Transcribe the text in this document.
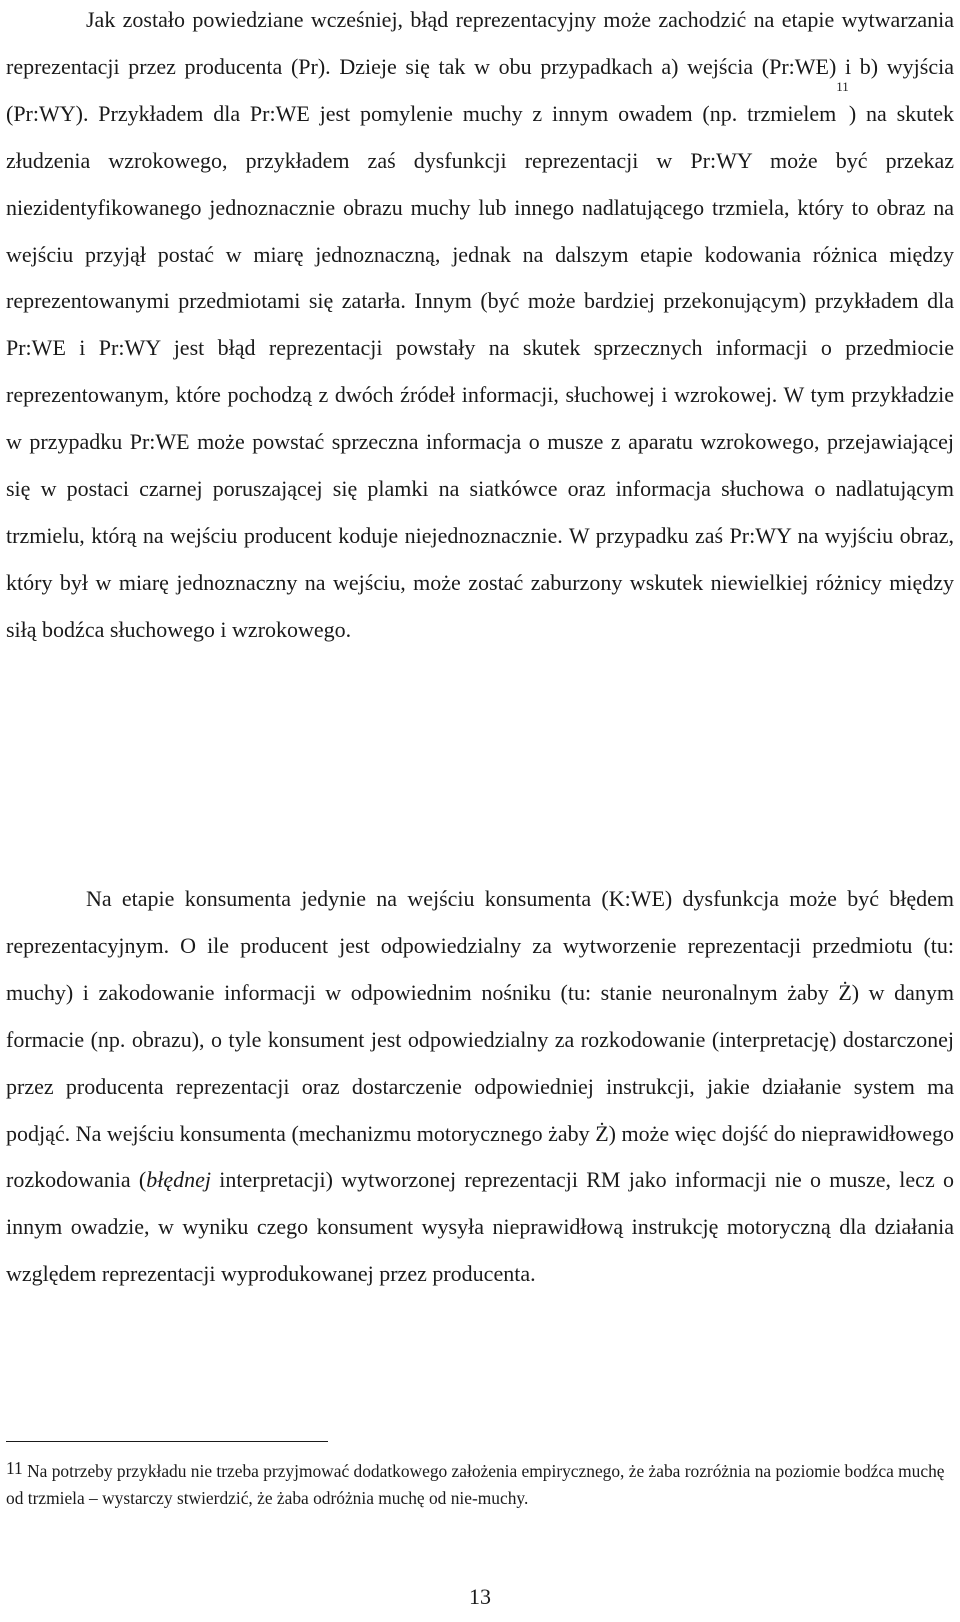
Jak zostało powiedziane wcześniej, błąd reprezentacyjny może zachodzić na etapie wytwarzania reprezentacji przez producenta (Pr). Dzieje się tak w obu przypadkach a) wejścia (Pr:WE) i b) wyjścia (Pr:WY). Przykładem dla Pr:WE jest pomylenie muchy z innym owadem (np. trzmielem$^{11}$) na skutek złudzenia wzrokowego, przykładem zaś dysfunkcji reprezentacji w Pr:WY może być przekaz niezidentyfikowanego jednoznacznie obrazu muchy lub innego nadlatującego trzmiela, który to obraz na wejściu przyjął postać w miarę jednoznaczną, jednak na dalszym etapie kodowania różnica między reprezentowanymi przedmiotami się zatarła. Innym (być może bardziej przekonującym) przykładem dla Pr:WE i Pr:WY jest błąd reprezentacji powstały na skutek sprzecznych informacji o przedmiocie reprezentowanym, które pochodzą z dwóch źródeł informacji, słuchowej i wzrokowej. W tym przykładzie w przypadku Pr:WE może powstać sprzeczna informacja o musze z aparatu wzrokowego, przejawiającej się w postaci czarnej poruszającej się plamki na siatkówce oraz informacja słuchowa o nadlatującym trzmielu, którą na wejściu producent koduje niejednoznacznie. W przypadku zaś Pr:WY na wyjściu obraz, który był w miarę jednoznaczny na wejściu, może zostać zaburzony wskutek niewielkiej różnicy między siłą bodźca słuchowego i wzrokowego.

Na etapie konsumenta jedynie na wejściu konsumenta (K:WE) dysfunkcja może być błędem reprezentacyjnym. O ile producent jest odpowiedzialny za wytworzenie reprezentacji przedmiotu (tu: muchy) i zakodowanie informacji w odpowiednim nośniku (tu: stanie neuronalnym żaby Ż) w danym formacie (np. obrazu), o tyle konsument jest odpowiedzialny za rozkodowanie (interpretację) dostarczonej przez producenta reprezentacji oraz dostarczenie odpowiedniej instrukcji, jakie działanie system ma podjąć. Na wejściu konsumenta (mechanizmu motorycznego żaby Ż) może więc dojść do nieprawidłowego rozkodowania (błędnej interpretacji) wytworzonej reprezentacji RM jako informacji nie o musze, lecz o innym owadzie, w wyniku czego konsument wysyła nieprawidłową instrukcję motoryczną dla działania względem reprezentacji wyprodukowanej przez producenta.

11 Na potrzeby przykładu nie trzeba przyjmować dodatkowego założenia empirycznego, że żaba rozróżnia na poziomie bodźca muchę od trzmiela – wystarczy stwierdzić, że żaba odróżnia muchę od nie-muchy.

13
